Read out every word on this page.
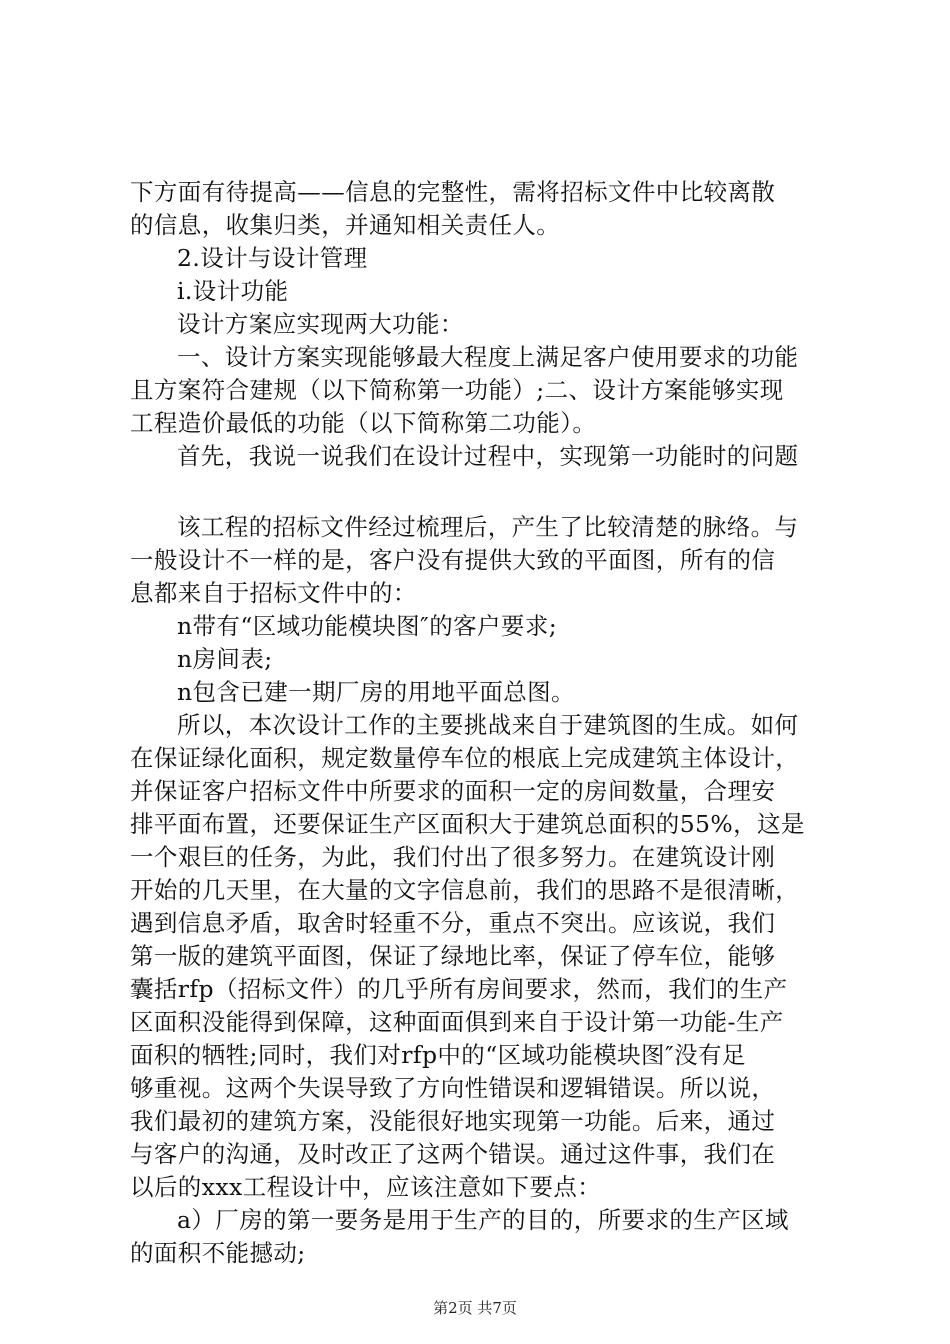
下方面有待提高——信息的完整性，需将招标文件中比较离散
的信息，收集归类，并通知相关责任人。
2.设计与设计管理
i.设计功能
设计方案应实现两大功能：
一、设计方案实现能够最大程度上满足客户使用要求的功能
且方案符合建规（以下简称第一功能）;二、设计方案能够实现
工程造价最低的功能（以下简称第二功能）。
首先，我说一说我们在设计过程中，实现第一功能时的问题
该工程的招标文件经过梳理后，产生了比较清楚的脉络。与
一般设计不一样的是，客户没有提供大致的平面图，所有的信
息都来自于招标文件中的：
n带有“区域功能模块图″的客户要求;
n房间表;
n包含已建一期厂房的用地平面总图。
所以，本次设计工作的主要挑战来自于建筑图的生成。如何
在保证绿化面积，规定数量停车位的根底上完成建筑主体设计，
并保证客户招标文件中所要求的面积一定的房间数量，合理安
排平面布置，还要保证生产区面积大于建筑总面积的55%，这是
一个艰巨的任务，为此，我们付出了很多努力。在建筑设计刚
开始的几天里，在大量的文字信息前，我们的思路不是很清晰，
遇到信息矛盾，取舍时轻重不分，重点不突出。应该说，我们
第一版的建筑平面图，保证了绿地比率，保证了停车位，能够
囊括rfp（招标文件）的几乎所有房间要求，然而，我们的生产
区面积没能得到保障，这种面面俱到来自于设计第一功能-生产
面积的牺牲;同时，我们对rfp中的“区域功能模块图″没有足
够重视。这两个失误导致了方向性错误和逻辑错误。所以说，
我们最初的建筑方案，没能很好地实现第一功能。后来，通过
与客户的沟通，及时改正了这两个错误。通过这件事，我们在
以后的xxx工程设计中，应该注意如下要点：
a）厂房的第一要务是用于生产的目的，所要求的生产区域
的面积不能撼动;
第2页 共7页
